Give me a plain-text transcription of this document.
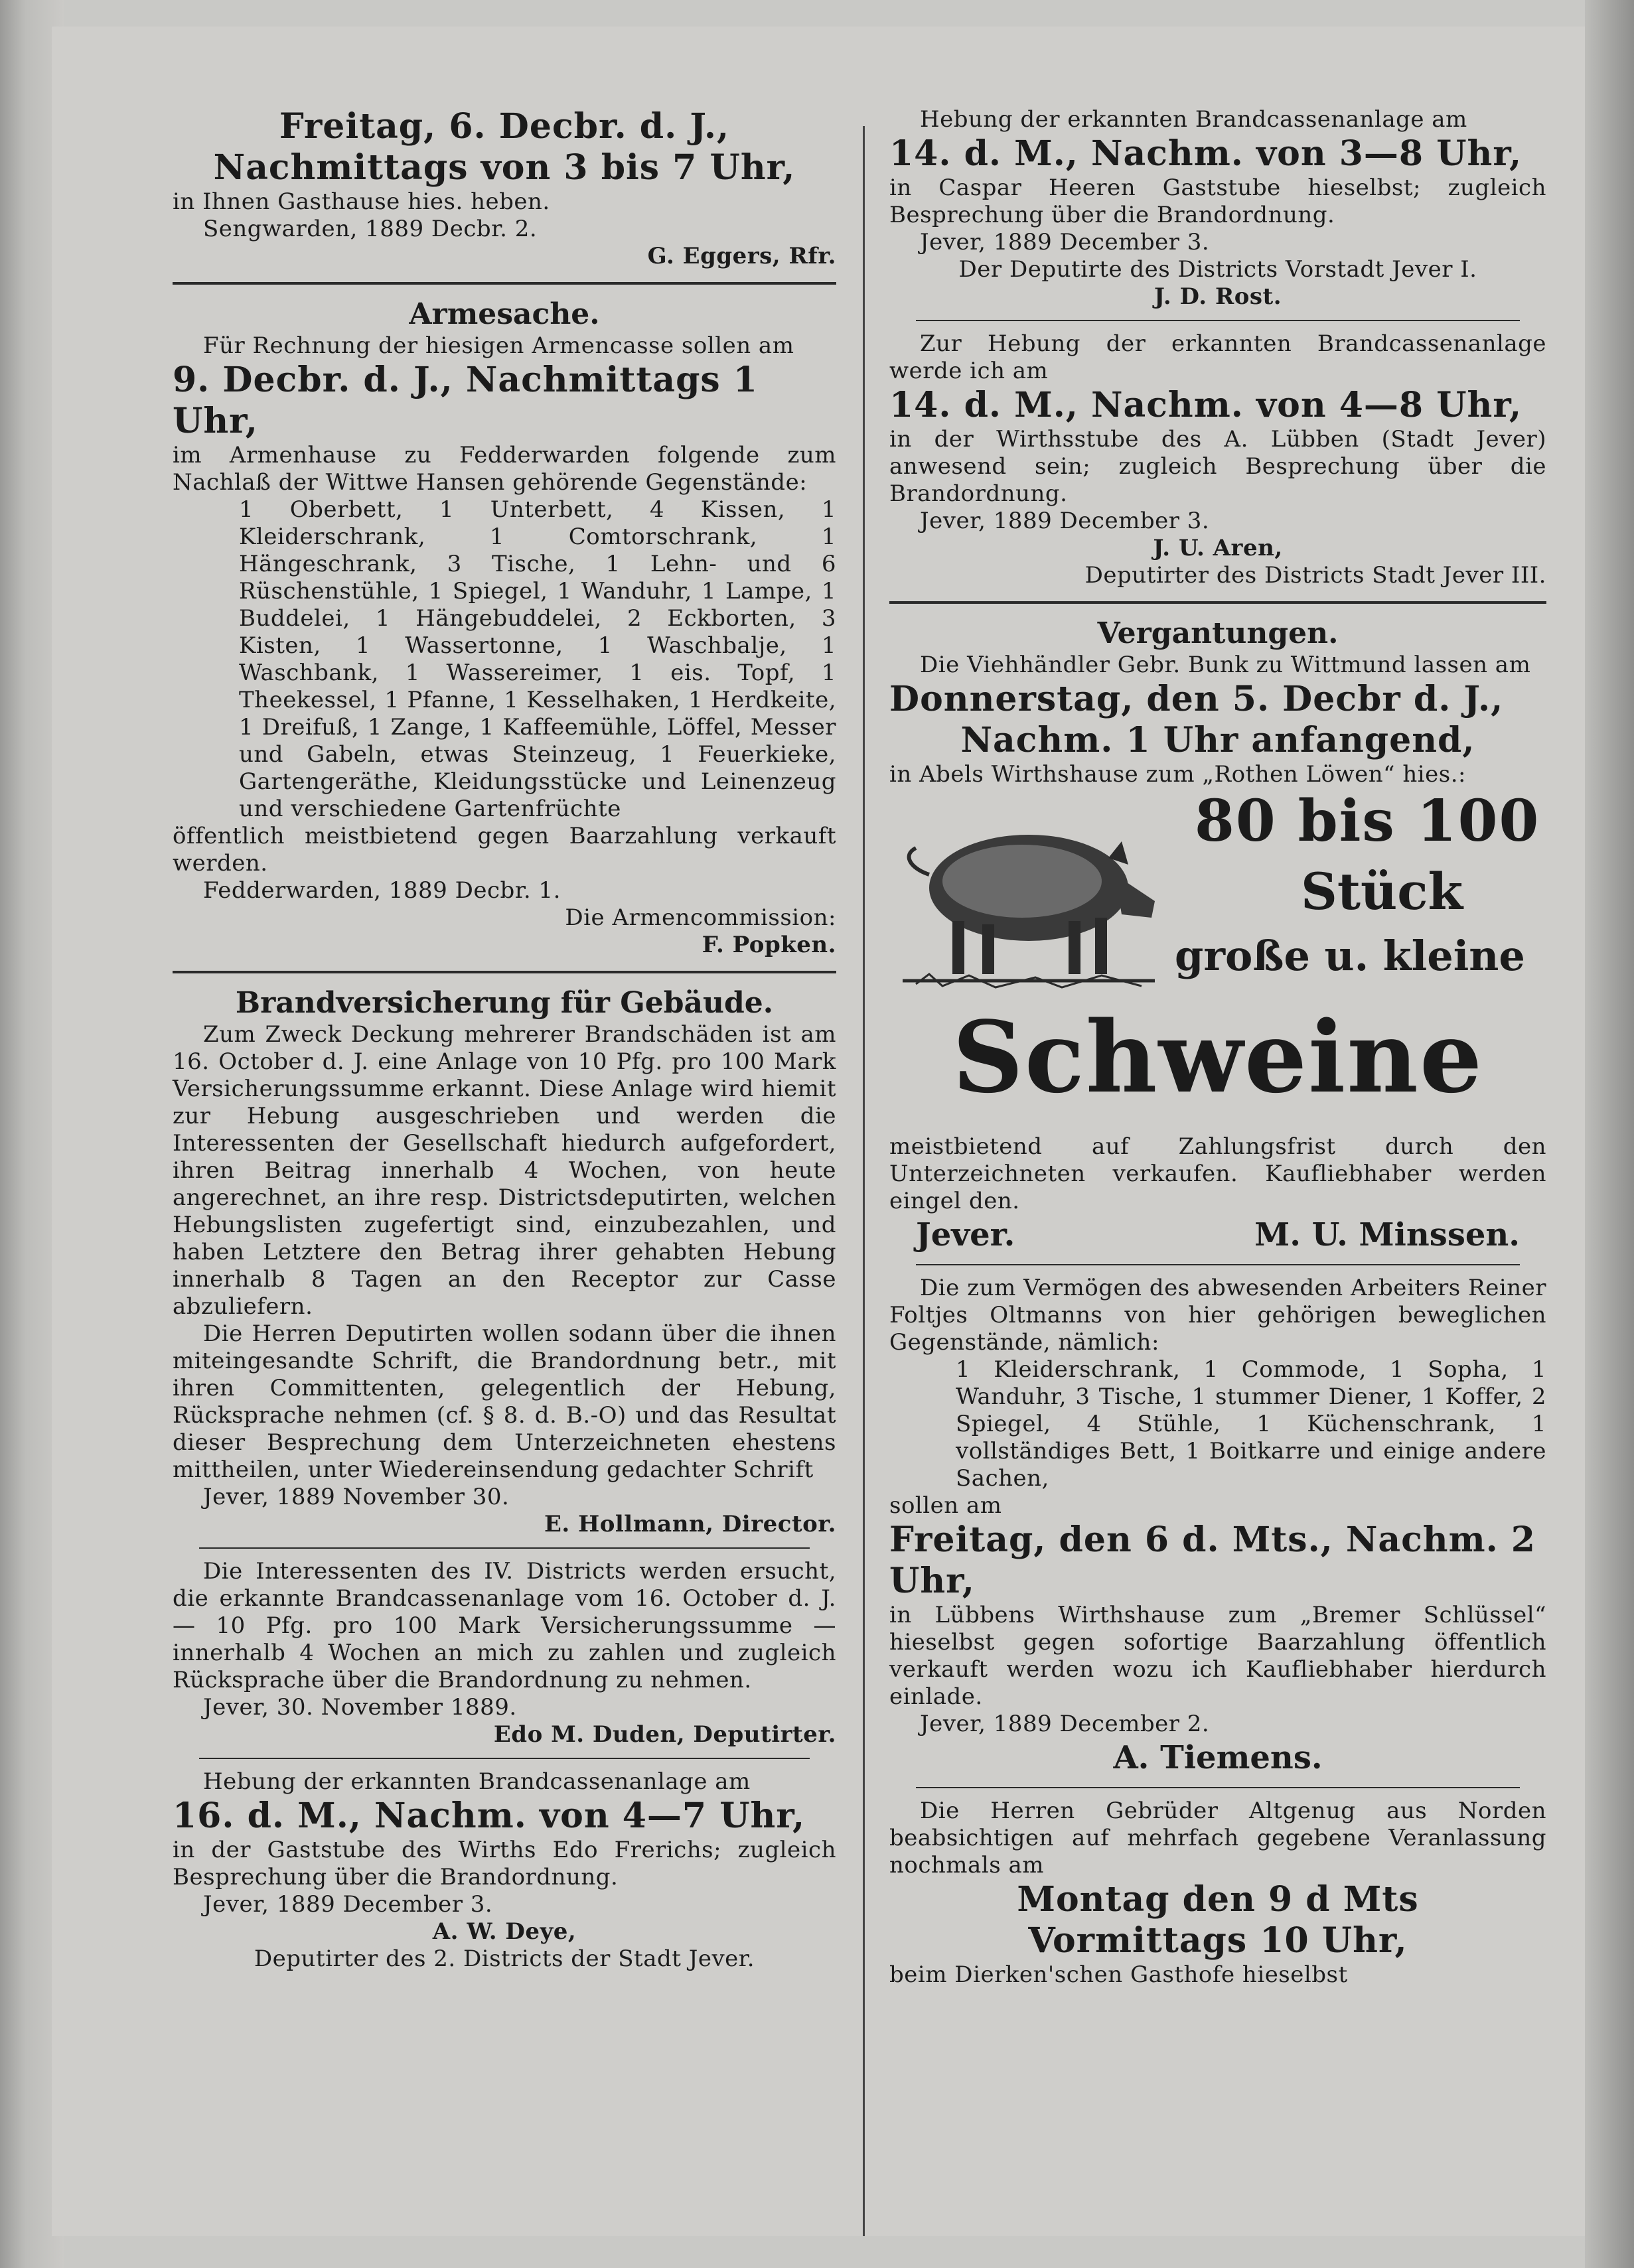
Freitag, 6. Decbr. d. J.,
Nachmittags von 3 bis 7 Uhr,
in Ihnen Gasthause hies. heben.
Sengwarden, 1889 Decbr. 2.
G. Eggers, Rfr.
Armesache.
Für Rechnung der hiesigen Armencasse sollen am
9. Decbr. d. J., Nachmittags 1 Uhr,
im Armenhause zu Fedderwarden folgende zum Nachlaß der Wittwe Hansen gehörende Gegenstände:
1 Oberbett, 1 Unterbett, 4 Kissen, 1 Kleiderschrank, 1 Comtorschrank, 1 Hängeschrank, 3 Tische, 1 Lehn- und 6 Rüschenstühle, 1 Spiegel, 1 Wanduhr, 1 Lampe, 1 Buddelei, 1 Hängebuddelei, 2 Eckborten, 3 Kisten, 1 Wassertonne, 1 Waschbalje, 1 Waschbank, 1 Wassereimer, 1 eis. Topf, 1 Theekessel, 1 Pfanne, 1 Kesselhaken, 1 Herdkeite, 1 Dreifuß, 1 Zange, 1 Kaffeemühle, Löffel, Messer und Gabeln, etwas Steinzeug, 1 Feuerkieke, Gartengeräthe, Kleidungsstücke und Leinenzeug und verschiedene Gartenfrüchte
öffentlich meistbietend gegen Baarzahlung verkauft werden.
Fedderwarden, 1889 Decbr. 1.
Die Armencommission:
F. Popken.
Brandversicherung für Gebäude.
Zum Zweck Deckung mehrerer Brandschäden ist am 16. October d. J. eine Anlage von 10 Pfg. pro 100 Mark Versicherungssumme erkannt. Diese Anlage wird hiemit zur Hebung ausgeschrieben und werden die Interessenten der Gesellschaft hiedurch aufgefordert, ihren Beitrag innerhalb 4 Wochen, von heute angerechnet, an ihre resp. Districtsdeputirten, welchen Hebungslisten zugefertigt sind, einzubezahlen, und haben Letztere den Betrag ihrer gehabten Hebung innerhalb 8 Tagen an den Receptor zur Casse abzuliefern.
Die Herren Deputirten wollen sodann über die ihnen miteingesandte Schrift, die Brandordnung betr., mit ihren Committenten, gelegentlich der Hebung, Rücksprache nehmen (cf. § 8. d. B.-O) und das Resultat dieser Besprechung dem Unterzeichneten ehestens mittheilen, unter Wiedereinsendung gedachter Schrift
Jever, 1889 November 30.
E. Hollmann, Director.
Die Interessenten des IV. Districts werden ersucht, die erkannte Brandcassenanlage vom 16. October d. J. — 10 Pfg. pro 100 Mark Versicherungssumme — innerhalb 4 Wochen an mich zu zahlen und zugleich Rücksprache über die Brandordnung zu nehmen.
Jever, 30. November 1889.
Edo M. Duden, Deputirter.
Hebung der erkannten Brandcassenanlage am
16. d. M., Nachm. von 4—7 Uhr,
in der Gaststube des Wirths Edo Frerichs; zugleich Besprechung über die Brandordnung.
Jever, 1889 December 3.
A. W. Deye,
Deputirter des 2. Districts der Stadt Jever.
Hebung der erkannten Brandcassenanlage am
14. d. M., Nachm. von 3—8 Uhr,
in Caspar Heeren Gaststube hieselbst; zugleich Besprechung über die Brandordnung.
Jever, 1889 December 3.
Der Deputirte des Districts Vorstadt Jever I.
J. D. Rost.
Zur Hebung der erkannten Brandcassenanlage werde ich am
14. d. M., Nachm. von 4—8 Uhr,
in der Wirthsstube des A. Lübben (Stadt Jever) anwesend sein; zugleich Besprechung über die Brandordnung.
Jever, 1889 December 3.
J. U. Aren,
Deputirter des Districts Stadt Jever III.
Vergantungen.
Die Viehhändler Gebr. Bunk zu Wittmund lassen am
Donnerstag, den 5. Decbr d. J.,
Nachm. 1 Uhr anfangend,
in Abels Wirthshause zum „Rothen Löwen“ hies.:
80 bis 100
Stück
große u. kleine
Schweine
meistbietend auf Zahlungsfrist durch den Unterzeichneten verkaufen. Kaufliebhaber werden eingel den.
Jever.	M. U. Minssen.
Die zum Vermögen des abwesenden Arbeiters Reiner Foltjes Oltmanns von hier gehörigen beweglichen Gegenstände, nämlich:
1 Kleiderschrank, 1 Commode, 1 Sopha, 1 Wanduhr, 3 Tische, 1 stummer Diener, 1 Koffer, 2 Spiegel, 4 Stühle, 1 Küchenschrank, 1 vollständiges Bett, 1 Boitkarre und einige andere Sachen,
sollen am
Freitag, den 6 d. Mts., Nachm. 2 Uhr,
in Lübbens Wirthshause zum „Bremer Schlüssel“ hieselbst gegen sofortige Baarzahlung öffentlich verkauft werden wozu ich Kaufliebhaber hierdurch einlade.
Jever, 1889 December 2.
A. Tiemens.
Die Herren Gebrüder Altgenug aus Norden beabsichtigen auf mehrfach gegebene Veranlassung nochmals am
Montag den 9 d Mts
Vormittags 10 Uhr,
beim Dierken'schen Gasthofe hieselbst
